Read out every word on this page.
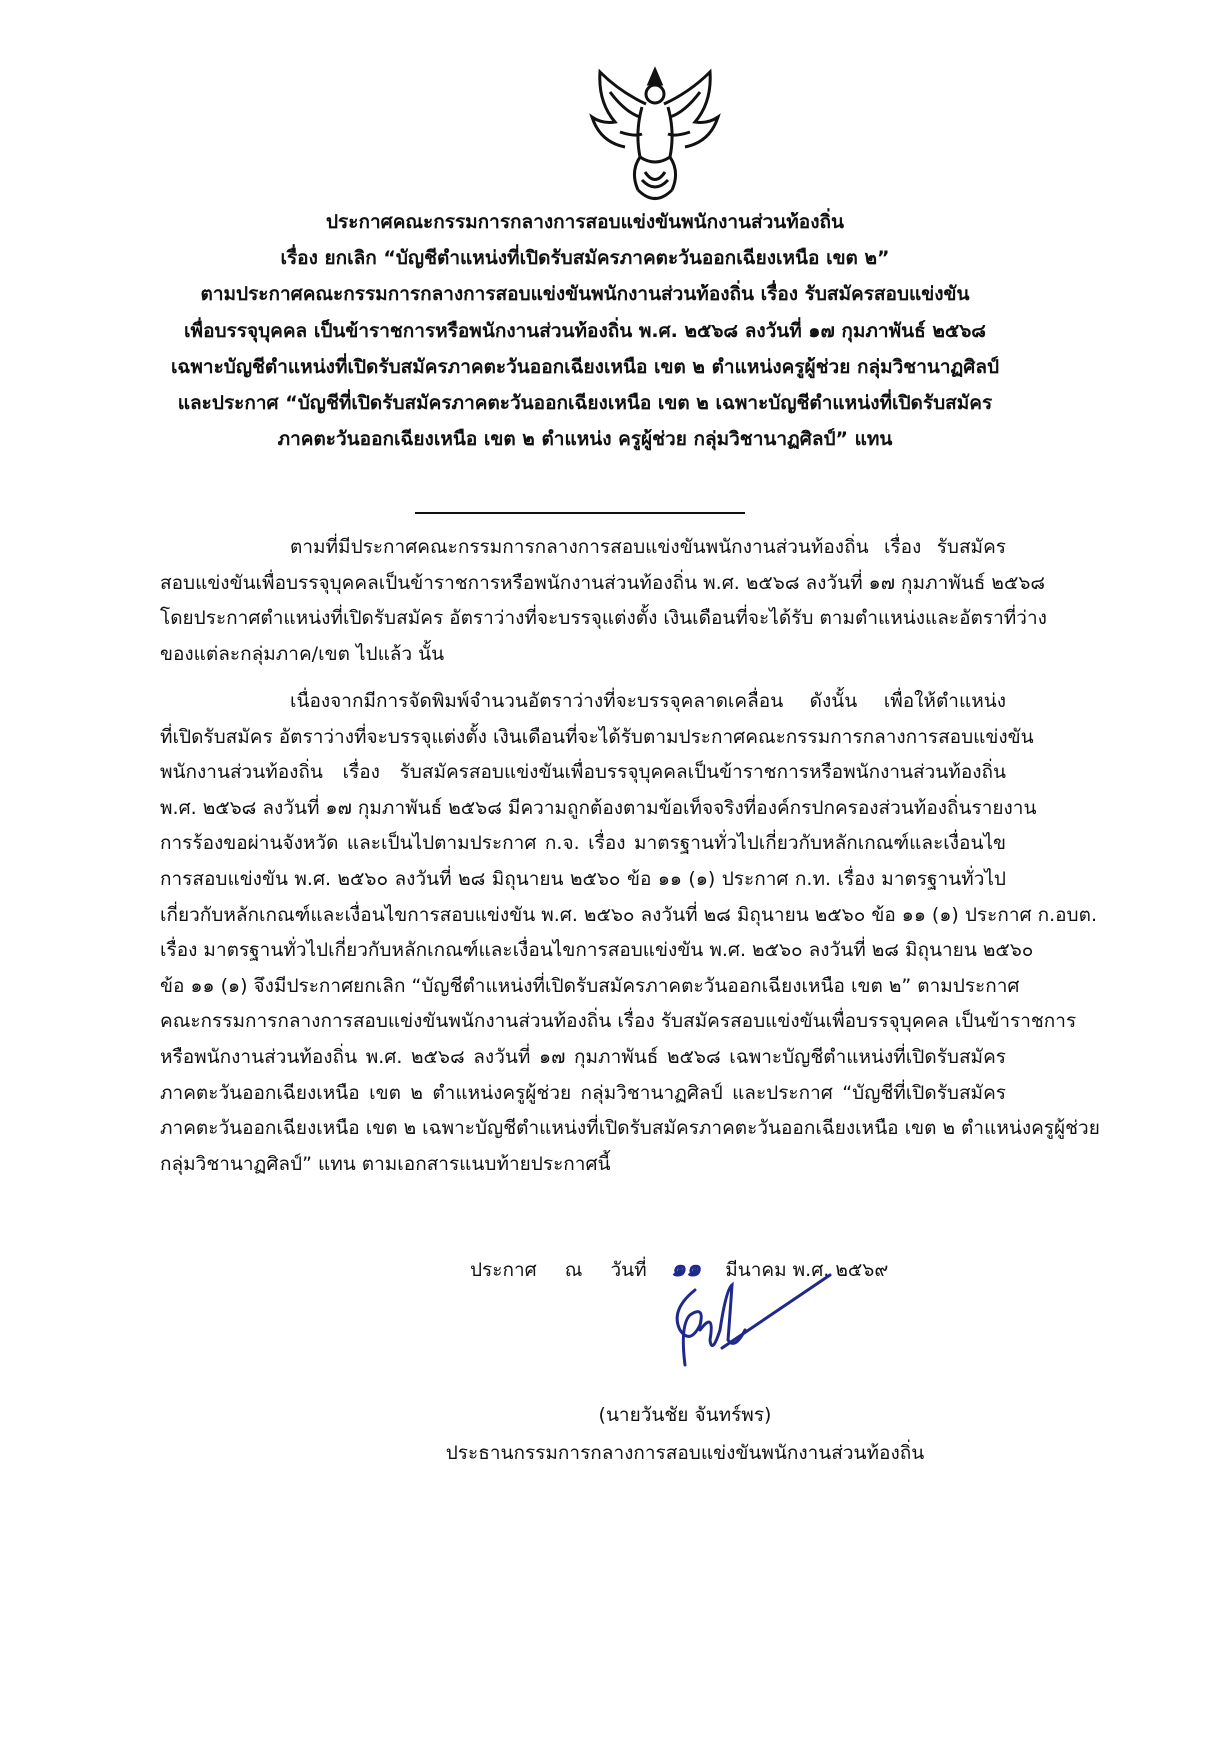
ประกาศคณะกรรมการกลางการสอบแข่งขันพนักงานส่วนท้องถิ่น
เรื่อง ยกเลิก “บัญชีตำแหน่งที่เปิดรับสมัครภาคตะวันออกเฉียงเหนือ เขต ๒”
ตามประกาศคณะกรรมการกลางการสอบแข่งขันพนักงานส่วนท้องถิ่น เรื่อง รับสมัครสอบแข่งขัน
เพื่อบรรจุบุคคล เป็นข้าราชการหรือพนักงานส่วนท้องถิ่น พ.ศ. ๒๕๖๘ ลงวันที่ ๑๗ กุมภาพันธ์ ๒๕๖๘
เฉพาะบัญชีตำแหน่งที่เปิดรับสมัครภาคตะวันออกเฉียงเหนือ เขต ๒ ตำแหน่งครูผู้ช่วย กลุ่มวิชานาฏศิลป์
และประกาศ “บัญชีที่เปิดรับสมัครภาคตะวันออกเฉียงเหนือ เขต ๒ เฉพาะบัญชีตำแหน่งที่เปิดรับสมัคร
ภาคตะวันออกเฉียงเหนือ เขต ๒ ตำแหน่ง ครูผู้ช่วย กลุ่มวิชานาฏศิลป์” แทน
ตามที่มีประกาศคณะกรรมการกลางการสอบแข่งขันพนักงานส่วนท้องถิ่น เรื่อง รับสมัคร
สอบแข่งขันเพื่อบรรจุบุคคลเป็นข้าราชการหรือพนักงานส่วนท้องถิ่น พ.ศ. ๒๕๖๘ ลงวันที่ ๑๗ กุมภาพันธ์ ๒๕๖๘
โดยประกาศตำแหน่งที่เปิดรับสมัคร อัตราว่างที่จะบรรจุแต่งตั้ง เงินเดือนที่จะได้รับ ตามตำแหน่งและอัตราที่ว่าง
ของแต่ละกลุ่มภาค/เขต ไปแล้ว นั้น
เนื่องจากมีการจัดพิมพ์จำนวนอัตราว่างที่จะบรรจุคลาดเคลื่อน ดังนั้น เพื่อให้ตำแหน่ง
ที่เปิดรับสมัคร อัตราว่างที่จะบรรจุแต่งตั้ง เงินเดือนที่จะได้รับตามประกาศคณะกรรมการกลางการสอบแข่งขัน
พนักงานส่วนท้องถิ่น เรื่อง รับสมัครสอบแข่งขันเพื่อบรรจุบุคคลเป็นข้าราชการหรือพนักงานส่วนท้องถิ่น
พ.ศ. ๒๕๖๘ ลงวันที่ ๑๗ กุมภาพันธ์ ๒๕๖๘ มีความถูกต้องตามข้อเท็จจริงที่องค์กรปกครองส่วนท้องถิ่นรายงาน
การร้องขอผ่านจังหวัด และเป็นไปตามประกาศ ก.จ. เรื่อง มาตรฐานทั่วไปเกี่ยวกับหลักเกณฑ์และเงื่อนไข
การสอบแข่งขัน พ.ศ. ๒๕๖๐ ลงวันที่ ๒๘ มิถุนายน ๒๕๖๐ ข้อ ๑๑ (๑) ประกาศ ก.ท. เรื่อง มาตรฐานทั่วไป
เกี่ยวกับหลักเกณฑ์และเงื่อนไขการสอบแข่งขัน พ.ศ. ๒๕๖๐ ลงวันที่ ๒๘ มิถุนายน ๒๕๖๐ ข้อ ๑๑ (๑) ประกาศ ก.อบต.
เรื่อง มาตรฐานทั่วไปเกี่ยวกับหลักเกณฑ์และเงื่อนไขการสอบแข่งขัน พ.ศ. ๒๕๖๐ ลงวันที่ ๒๘ มิถุนายน ๒๕๖๐
ข้อ ๑๑ (๑) จึงมีประกาศยกเลิก “บัญชีตำแหน่งที่เปิดรับสมัครภาคตะวันออกเฉียงเหนือ เขต ๒” ตามประกาศ
คณะกรรมการกลางการสอบแข่งขันพนักงานส่วนท้องถิ่น เรื่อง รับสมัครสอบแข่งขันเพื่อบรรจุบุคคล เป็นข้าราชการ
หรือพนักงานส่วนท้องถิ่น พ.ศ. ๒๕๖๘ ลงวันที่ ๑๗ กุมภาพันธ์ ๒๕๖๘ เฉพาะบัญชีตำแหน่งที่เปิดรับสมัคร
ภาคตะวันออกเฉียงเหนือ เขต ๒ ตำแหน่งครูผู้ช่วย กลุ่มวิชานาฏศิลป์ และประกาศ “บัญชีที่เปิดรับสมัคร
ภาคตะวันออกเฉียงเหนือ เขต ๒ เฉพาะบัญชีตำแหน่งที่เปิดรับสมัครภาคตะวันออกเฉียงเหนือ เขต ๒ ตำแหน่งครูผู้ช่วย
กลุ่มวิชานาฏศิลป์” แทน ตามเอกสารแนบท้ายประกาศนี้
ประกาศ ณ วันที่ ๑๑ มีนาคม พ.ศ. ๒๕๖๙
(นายวันชัย จันทร์พร)
ประธานกรรมการกลางการสอบแข่งขันพนักงานส่วนท้องถิ่น
